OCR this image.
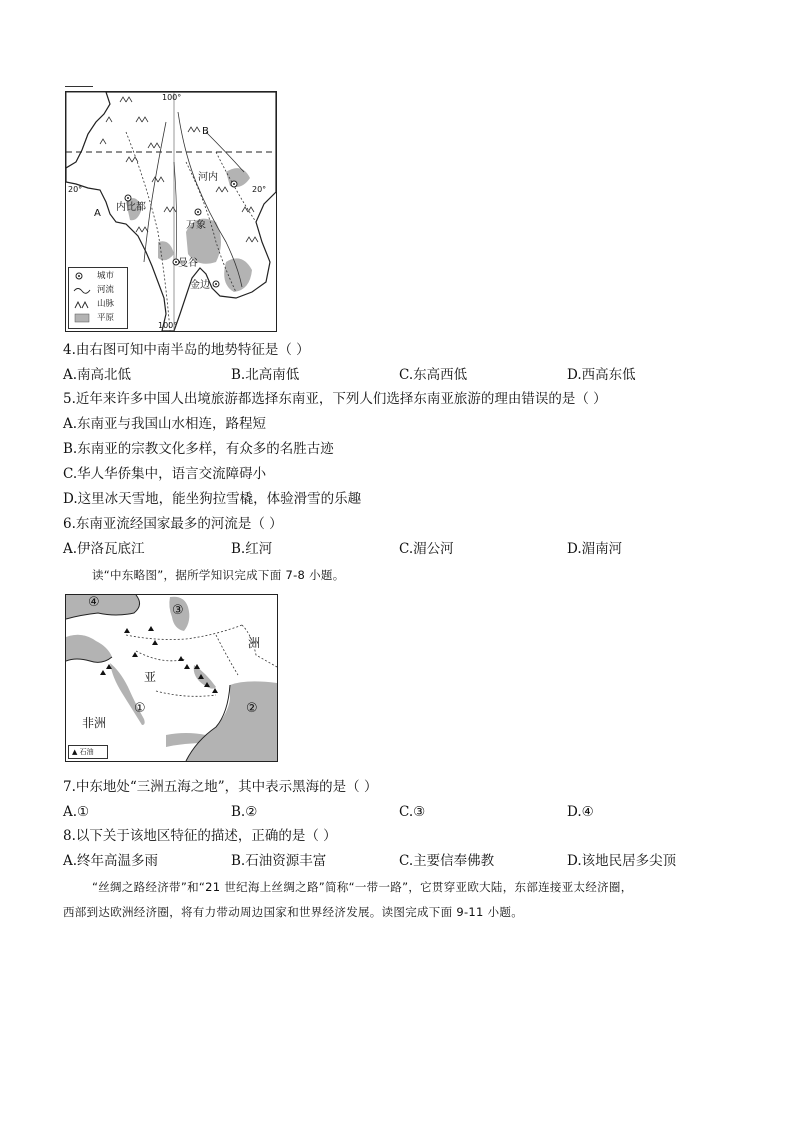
100°
100°
20°	20°
B
A
河内
内比都
万象
曼谷
金边
城市
河流
山脉
平原
4.由右图可知中南半岛的地势特征是（ ）
A.南高北低	B.北高南低	C.东高西低	D.西高东低
5.近年来许多中国人出境旅游都选择东南亚，下列人们选择东南亚旅游的理由错误的是（ ）
A.东南亚与我国山水相连，路程短
B.东南亚的宗教文化多样，有众多的名胜古迹
C.华人华侨集中，语言交流障碍小
D.这里冰天雪地，能坐狗拉雪橇，体验滑雪的乐趣
6.东南亚流经国家最多的河流是（ ）
A.伊洛瓦底江	B.红河	C.湄公河	D.湄南河
读“中东略图”，据所学知识完成下面 7-8 小题。
④
③
①	②
洲
亚
非洲
▲ 石油
7.中东地处“三洲五海之地”，其中表示黑海的是（ ）
A.①	B.②	C.③	D.④
8.以下关于该地区特征的描述，正确的是（ ）
A.终年高温多雨	B.石油资源丰富	C.主要信奉佛教	D.该地民居多尖顶
“丝绸之路经济带”和“21 世纪海上丝绸之路”简称“一带一路”，它贯穿亚欧大陆，东部连接亚太经济圈，
西部到达欧洲经济圈，将有力带动周边国家和世界经济发展。读图完成下面 9-11 小题。
